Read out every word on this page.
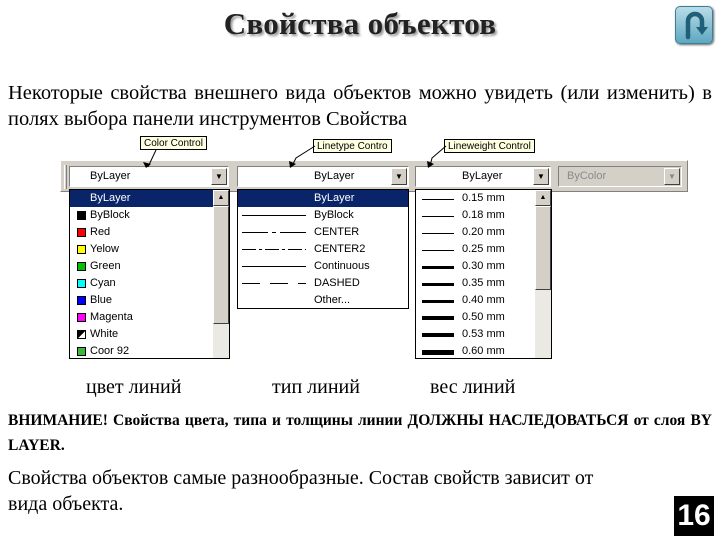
Свойства объектов
Некоторые свойства внешнего вида объектов можно увидеть (или изменить) в полях выбора панели инструментов Свойства
ByLayer	▼	ByLayer	▼	ByLayer	▼	ByColor	▼
Color Control	Linetype Contro	Lineweight Control
ByLayer
ByBlock
Red
Yelow
Green
Cyan
Blue
Magenta
White
Coor 92
▲	ByLayer
ByBlock
CENTER
CENTER2
Continuous
DASHED
Other...
0.15 mm
0.18 mm
0.20 mm
0.25 mm
0.30 mm
0.35 mm
0.40 mm
0.50 mm
0.53 mm
0.60 mm
▲
цвет линий	тип линий	вес линий
ВНИМАНИЕ! Свойства цвета, типа и толщины линии ДОЛЖНЫ НАСЛЕДОВАТЬСЯ от слоя BY LAYER.
Свойства объектов самые разнообразные. Состав свойств зависит от вида объекта.	16
